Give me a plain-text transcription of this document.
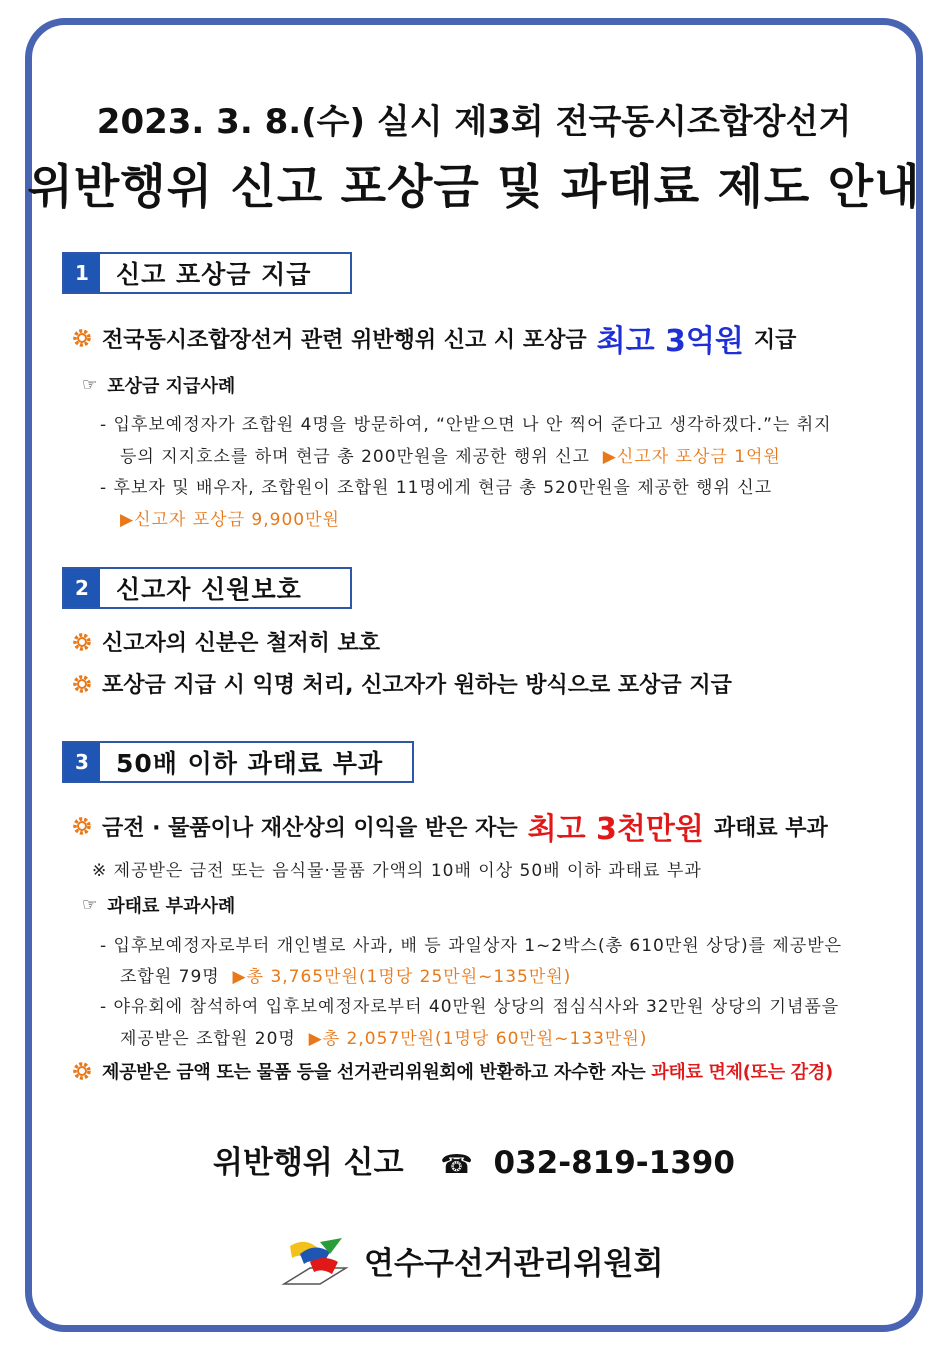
2023. 3. 8.(수) 실시 제3회 전국동시조합장선거
위반행위 신고 포상금 및 과태료 제도 안내
1	신고 포상금 지급
전국동시조합장선거 관련 위반행위 신고 시 포상금 최고 3억원 지급
☞ 포상금 지급사례
- 입후보예정자가 조합원 4명을 방문하여, “안받으면 나 안 찍어 준다고 생각하겠다.”는 취지
등의 지지호소를 하며 현금 총 200만원을 제공한 행위 신고  ▶신고자 포상금 1억원
- 후보자 및 배우자, 조합원이 조합원 11명에게 현금 총 520만원을 제공한 행위 신고
▶신고자 포상금 9,900만원
2	신고자 신원보호
신고자의 신분은 철저히 보호
포상금 지급 시 익명 처리, 신고자가 원하는 방식으로 포상금 지급
3	50배 이하 과태료 부과
금전 · 물품이나 재산상의 이익을 받은 자는 최고 3천만원 과태료 부과
※ 제공받은 금전 또는 음식물·물품 가액의 10배 이상 50배 이하 과태료 부과
☞ 과태료 부과사례
- 입후보예정자로부터 개인별로 사과, 배 등 과일상자 1~2박스(총 610만원 상당)를 제공받은
조합원 79명  ▶총 3,765만원(1명당 25만원~135만원)
- 야유회에 참석하여 입후보예정자로부터 40만원 상당의 점심식사와 32만원 상당의 기념품을
제공받은 조합원 20명  ▶총 2,057만원(1명당 60만원~133만원)
제공받은 금액 또는 물품 등을 선거관리위원회에 반환하고 자수한 자는 과태료 면제(또는 감경)
위반행위 신고 ☎ 032-819-1390
연수구선거관리위원회
